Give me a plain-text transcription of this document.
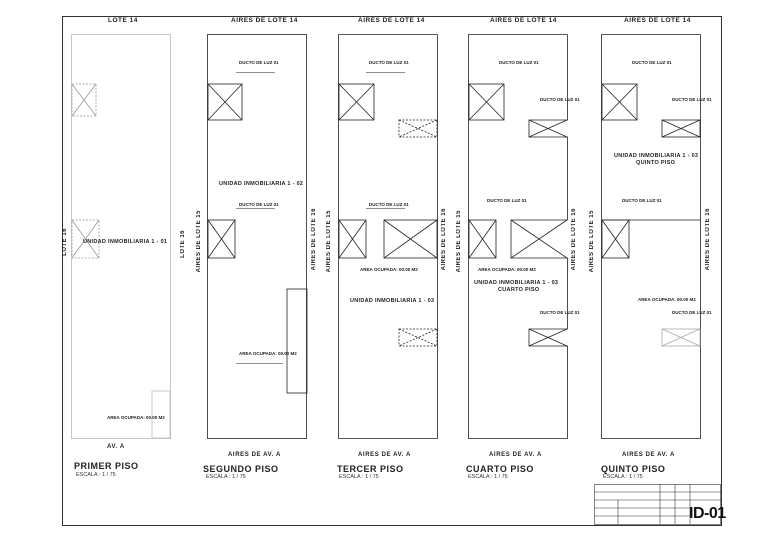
LOTE 14	AIRES DE LOTE 14	AIRES DE LOTE 14	AIRES DE LOTE 14	AIRES DE LOTE 14
LOTE 16	LOTE 16 AIRES DE LOTE 15	AIRES DE LOTE 16 AIRES DE LOTE 15	AIRES DE LOTE 16 AIRES DE LOTE 15	AIRES DE LOTE 16 AIRES DE LOTE 15	AIRES DE LOTE 16
AV. A
AIRES DE AV. A	AIRES DE AV. A	AIRES DE AV. A	AIRES DE AV. A
PRIMER PISO
ESCALA : 1 / 75
SEGUNDO PISO
ESCALA : 1 / 75
TERCER PISO
ESCALA : 1 / 75
CUARTO PISO
ESCALA : 1 / 75
QUINTO PISO
ESCALA : 1 / 75
UNIDAD INMOBILIARIA 1 - 01
UNIDAD INMOBILIARIA 1 - 02
UNIDAD INMOBILIARIA 1 - 03
UNIDAD INMOBILIARIA 1 - 03
CUARTO PISO
UNIDAD INMOBILIARIA 1 - 03
QUINTO PISO
DUCTO DE LUZ 01
DUCTO DE LUZ 01
DUCTO DE LUZ 01
DUCTO DE LUZ 01
DUCTO DE LUZ 01
DUCTO DE LUZ 01
DUCTO DE LUZ 01
DUCTO DE LUZ 01
DUCTO DE LUZ 01
DUCTO DE LUZ 01
DUCTO DE LUZ 01
DUCTO DE LUZ 01
AREA OCUPADA: 00.00 M2
AREA OCUPADA: 00.00 M2
AREA OCUPADA: 00.00 M2	AREA OCUPADA: 00.00 M2
AREA OCUPADA: 00.00 M2
ID-01
